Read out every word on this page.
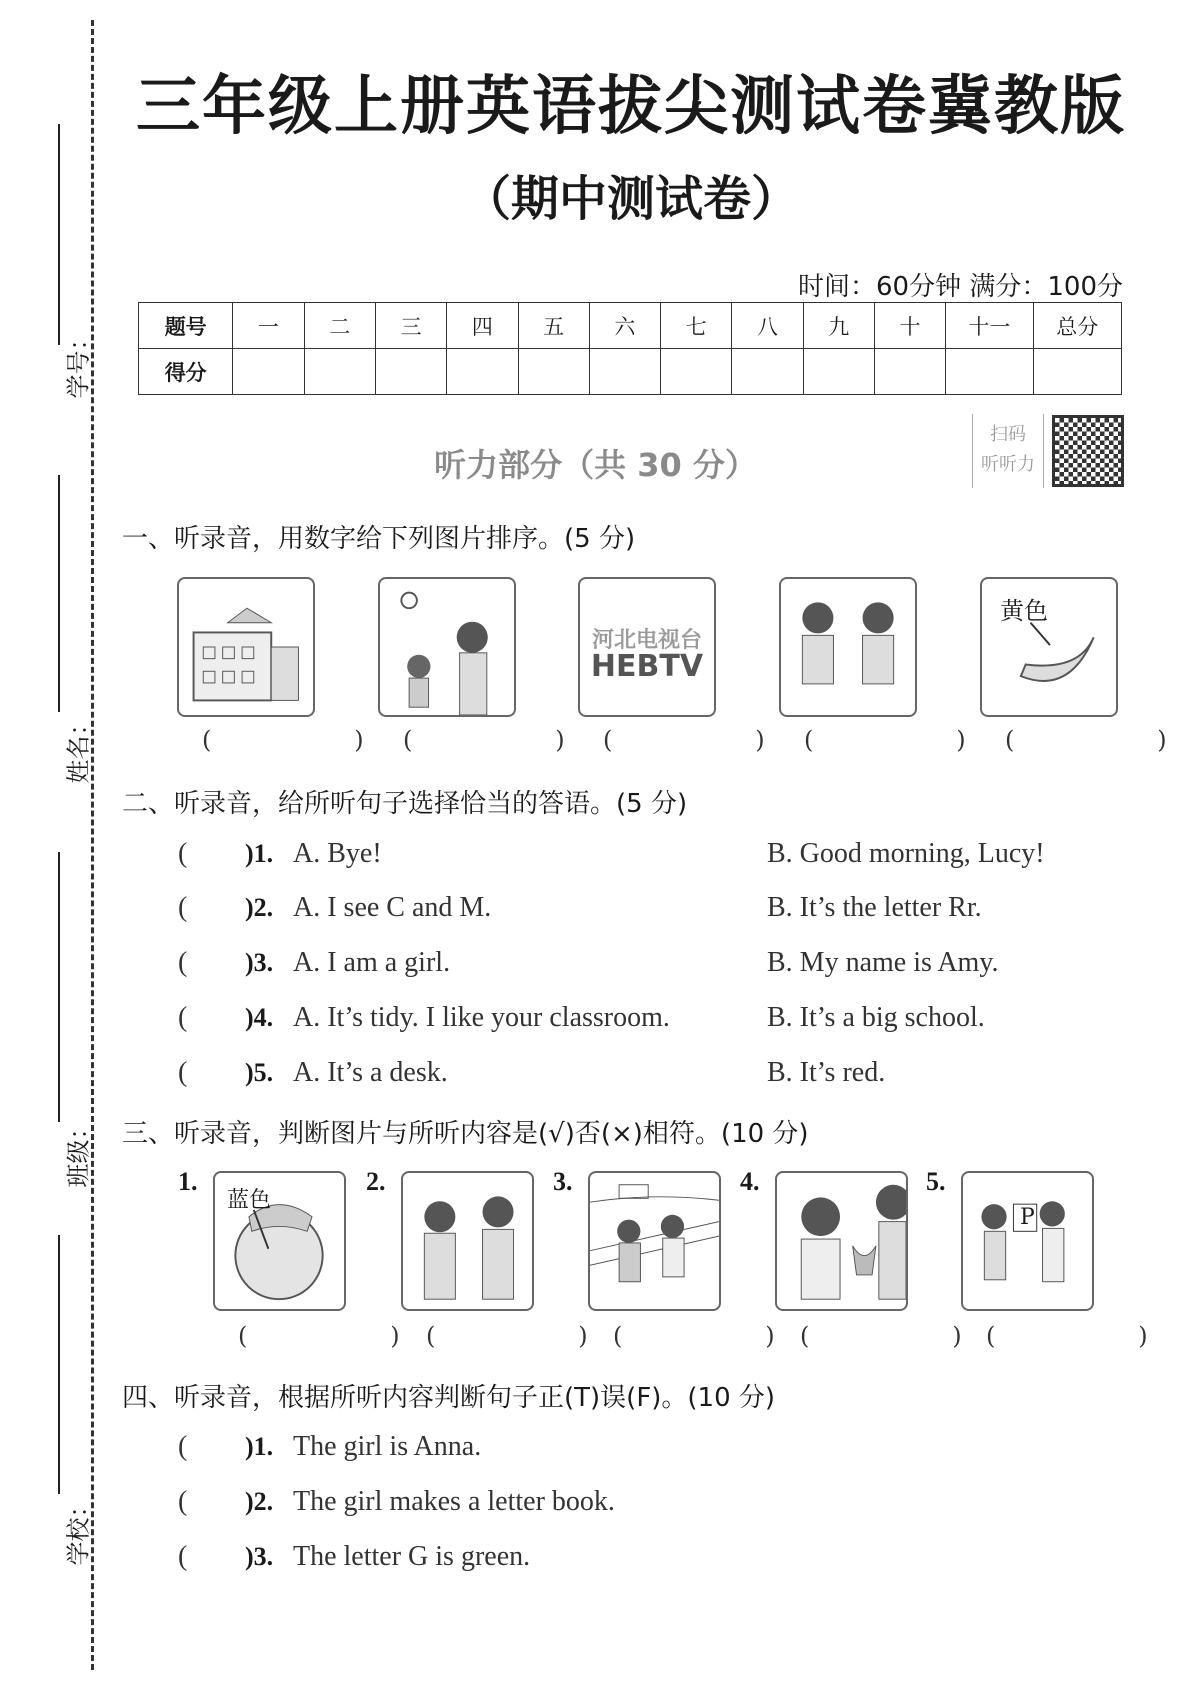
学号：
姓名：
班级：
学校：
三年级上册英语拔尖测试卷冀教版
（期中测试卷）
时间：60分钟 满分：100分
题号	一	二	三	四	五	六	七	八	九	十	十一	总分
得分												
听力部分（共 30 分）
扫码
听听力
一、听录音，用数字给下列图片排序。(5 分)
河北电视台
HEBTV
黄色
(   ) (   ) (   ) (   ) (   )
二、听录音，给所听句子选择恰当的答语。(5 分)
( )1. A. Bye!	B. Good morning, Lucy!
( )2. A. I see C and M.	B. It’s the letter Rr.
( )3. A. I am a girl.	B. My name is Amy.
( )4. A. It’s tidy. I like your classroom.	B. It’s a big school.
( )5. A. It’s a desk.	B. It’s red.
三、听录音，判断图片与所听内容是(√)否(×)相符。(10 分)
1.
蓝色
(   )
2.
(   )
3.
(   )
4.
(   )
5.
P
(   )
四、听录音，根据所听内容判断句子正(T)误(F)。(10 分)
( )1. The girl is Anna.
( )2. The girl makes a letter book.
( )3. The letter G is green.
